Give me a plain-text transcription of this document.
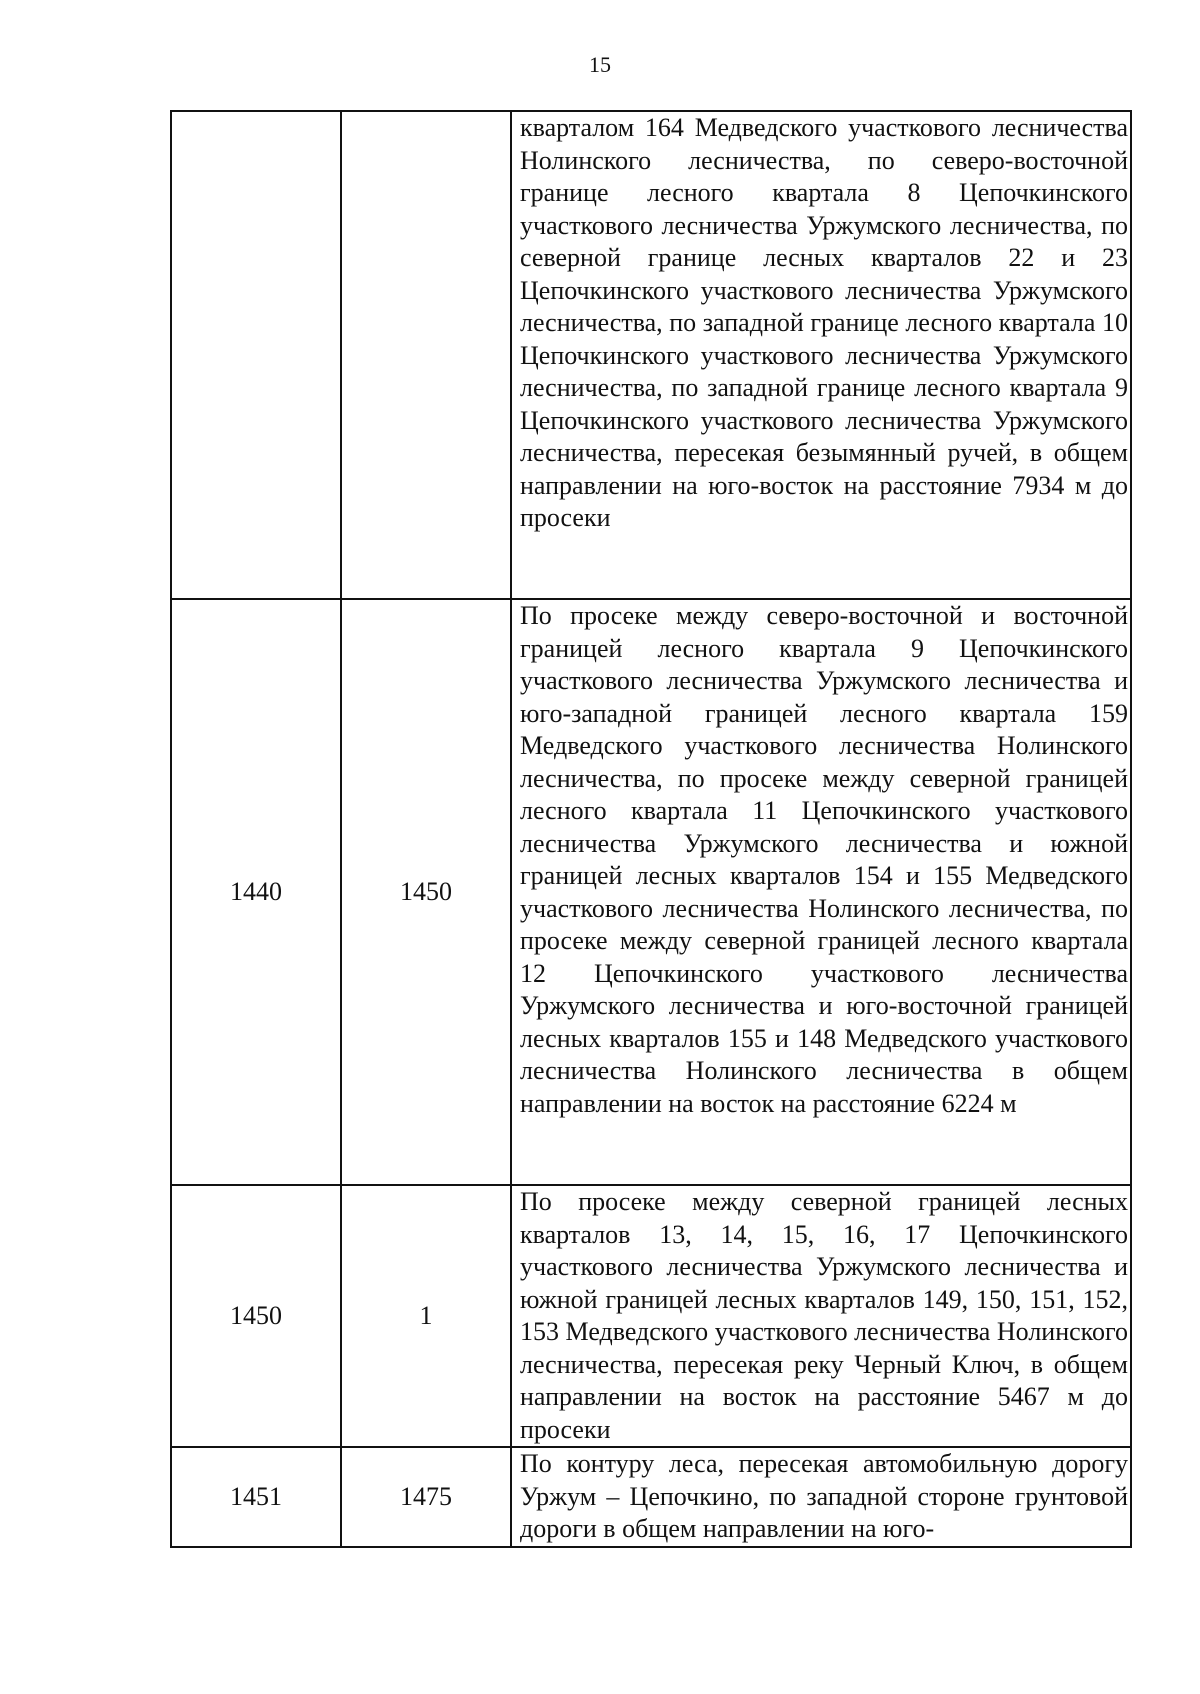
15
		кварталом 164 Медведского участкового лесничества Нолинского лесничества, по северо-восточной границе лесного квартала 8 Цепочкинского участкового лесничества Уржумского лесничества, по северной границе лесных кварталов 22 и 23 Цепочкинского участкового лесничества Уржумского лесничества, по западной границе лесного квартала 10 Цепочкинского участкового лесничества Уржумского лесничества, по западной границе лесного квартала 9 Цепочкинского участкового лесничества Уржумского лесничества, пересекая безымянный ручей, в общем направлении на юго-восток на расстояние 7934 м до просеки
1440	1450	По просеке между северо-восточной и восточной границей лесного квартала 9 Цепочкинского участкового лесничества Уржумского лесничества и юго-западной границей лесного квартала 159 Медведского участкового лесничества Нолинского лесничества, по просеке между северной границей лесного квартала 11 Цепочкинского участкового лесничества Уржумского лесничества и южной границей лесных кварталов 154 и 155 Медведского участкового лесничества Нолинского лесничества, по просеке между северной границей лесного квартала 12 Цепочкинского участкового лесничества Уржумского лесничества и юго-восточной границей лесных кварталов 155 и 148 Медведского участкового лесничества Нолинского лесничества в общем направлении на восток на расстояние 6224 м
1450	1	По просеке между северной границей лесных кварталов 13, 14, 15, 16, 17 Цепочкинского участкового лесничества Уржумского лесничества и южной границей лесных кварталов 149, 150, 151, 152, 153 Медведского участкового лесничества Нолинского лесничества, пересекая реку Черный Ключ, в общем направлении на восток на расстояние 5467 м до просеки
1451	1475	По контуру леса, пересекая автомобильную дорогу Уржум – Цепочкино, по западной стороне грунтовой дороги в общем направлении на юго-
